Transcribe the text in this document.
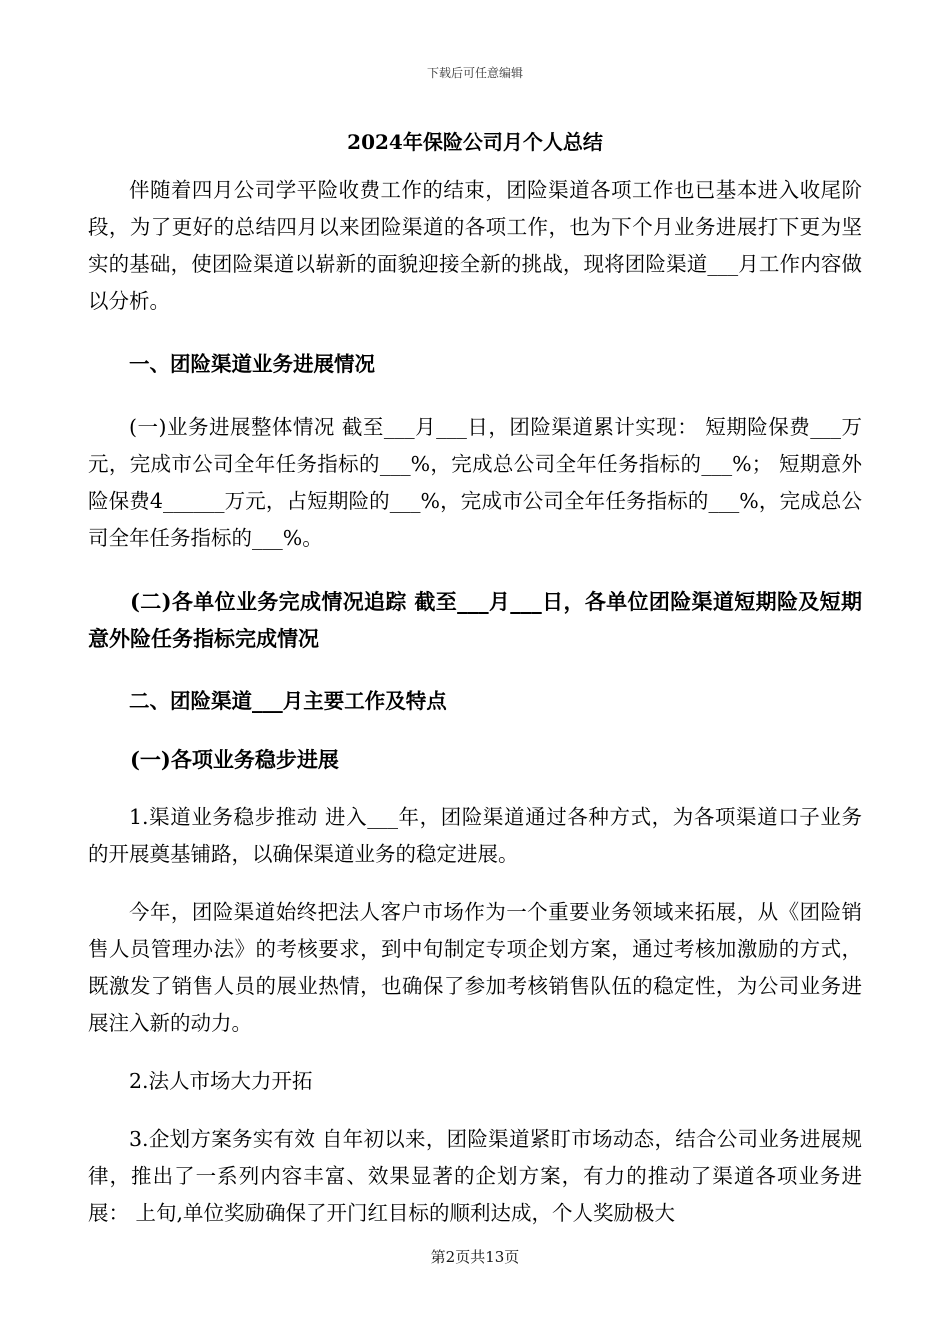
下载后可任意编辑
2024年保险公司月个人总结

伴随着四月公司学平险收费工作的结束，团险渠道各项工作也已基本进入收尾阶段，为了更好的总结四月以来团险渠道的各项工作，也为下个月业务进展打下更为坚实的基础，使团险渠道以崭新的面貌迎接全新的挑战，现将团险渠道___月工作内容做以分析。

一、团险渠道业务进展情况

(一)业务进展整体情况 截至___月___日，团险渠道累计实现： 短期险保费___万元，完成市公司全年任务指标的___%，完成总公司全年任务指标的___%； 短期意外险保费4______万元，占短期险的___%，完成市公司全年任务指标的___%，完成总公司全年任务指标的___%。

(二)各单位业务完成情况追踪 截至___月___日，各单位团险渠道短期险及短期意外险任务指标完成情况

二、团险渠道___月主要工作及特点

(一)各项业务稳步进展

1.渠道业务稳步推动 进入___年，团险渠道通过各种方式，为各项渠道口子业务的开展奠基铺路，以确保渠道业务的稳定进展。

今年，团险渠道始终把法人客户市场作为一个重要业务领域来拓展，从《团险销售人员管理办法》的考核要求，到中旬制定专项企划方案，通过考核加激励的方式，既激发了销售人员的展业热情，也确保了参加考核销售队伍的稳定性，为公司业务进展注入新的动力。

2.法人市场大力开拓

3.企划方案务实有效 自年初以来，团险渠道紧盯市场动态，结合公司业务进展规律，推出了一系列内容丰富、效果显著的企划方案，有力的推动了渠道各项业务进展： 上旬,单位奖励确保了开门红目标的顺利达成，个人奖励极大

第2页共13页
